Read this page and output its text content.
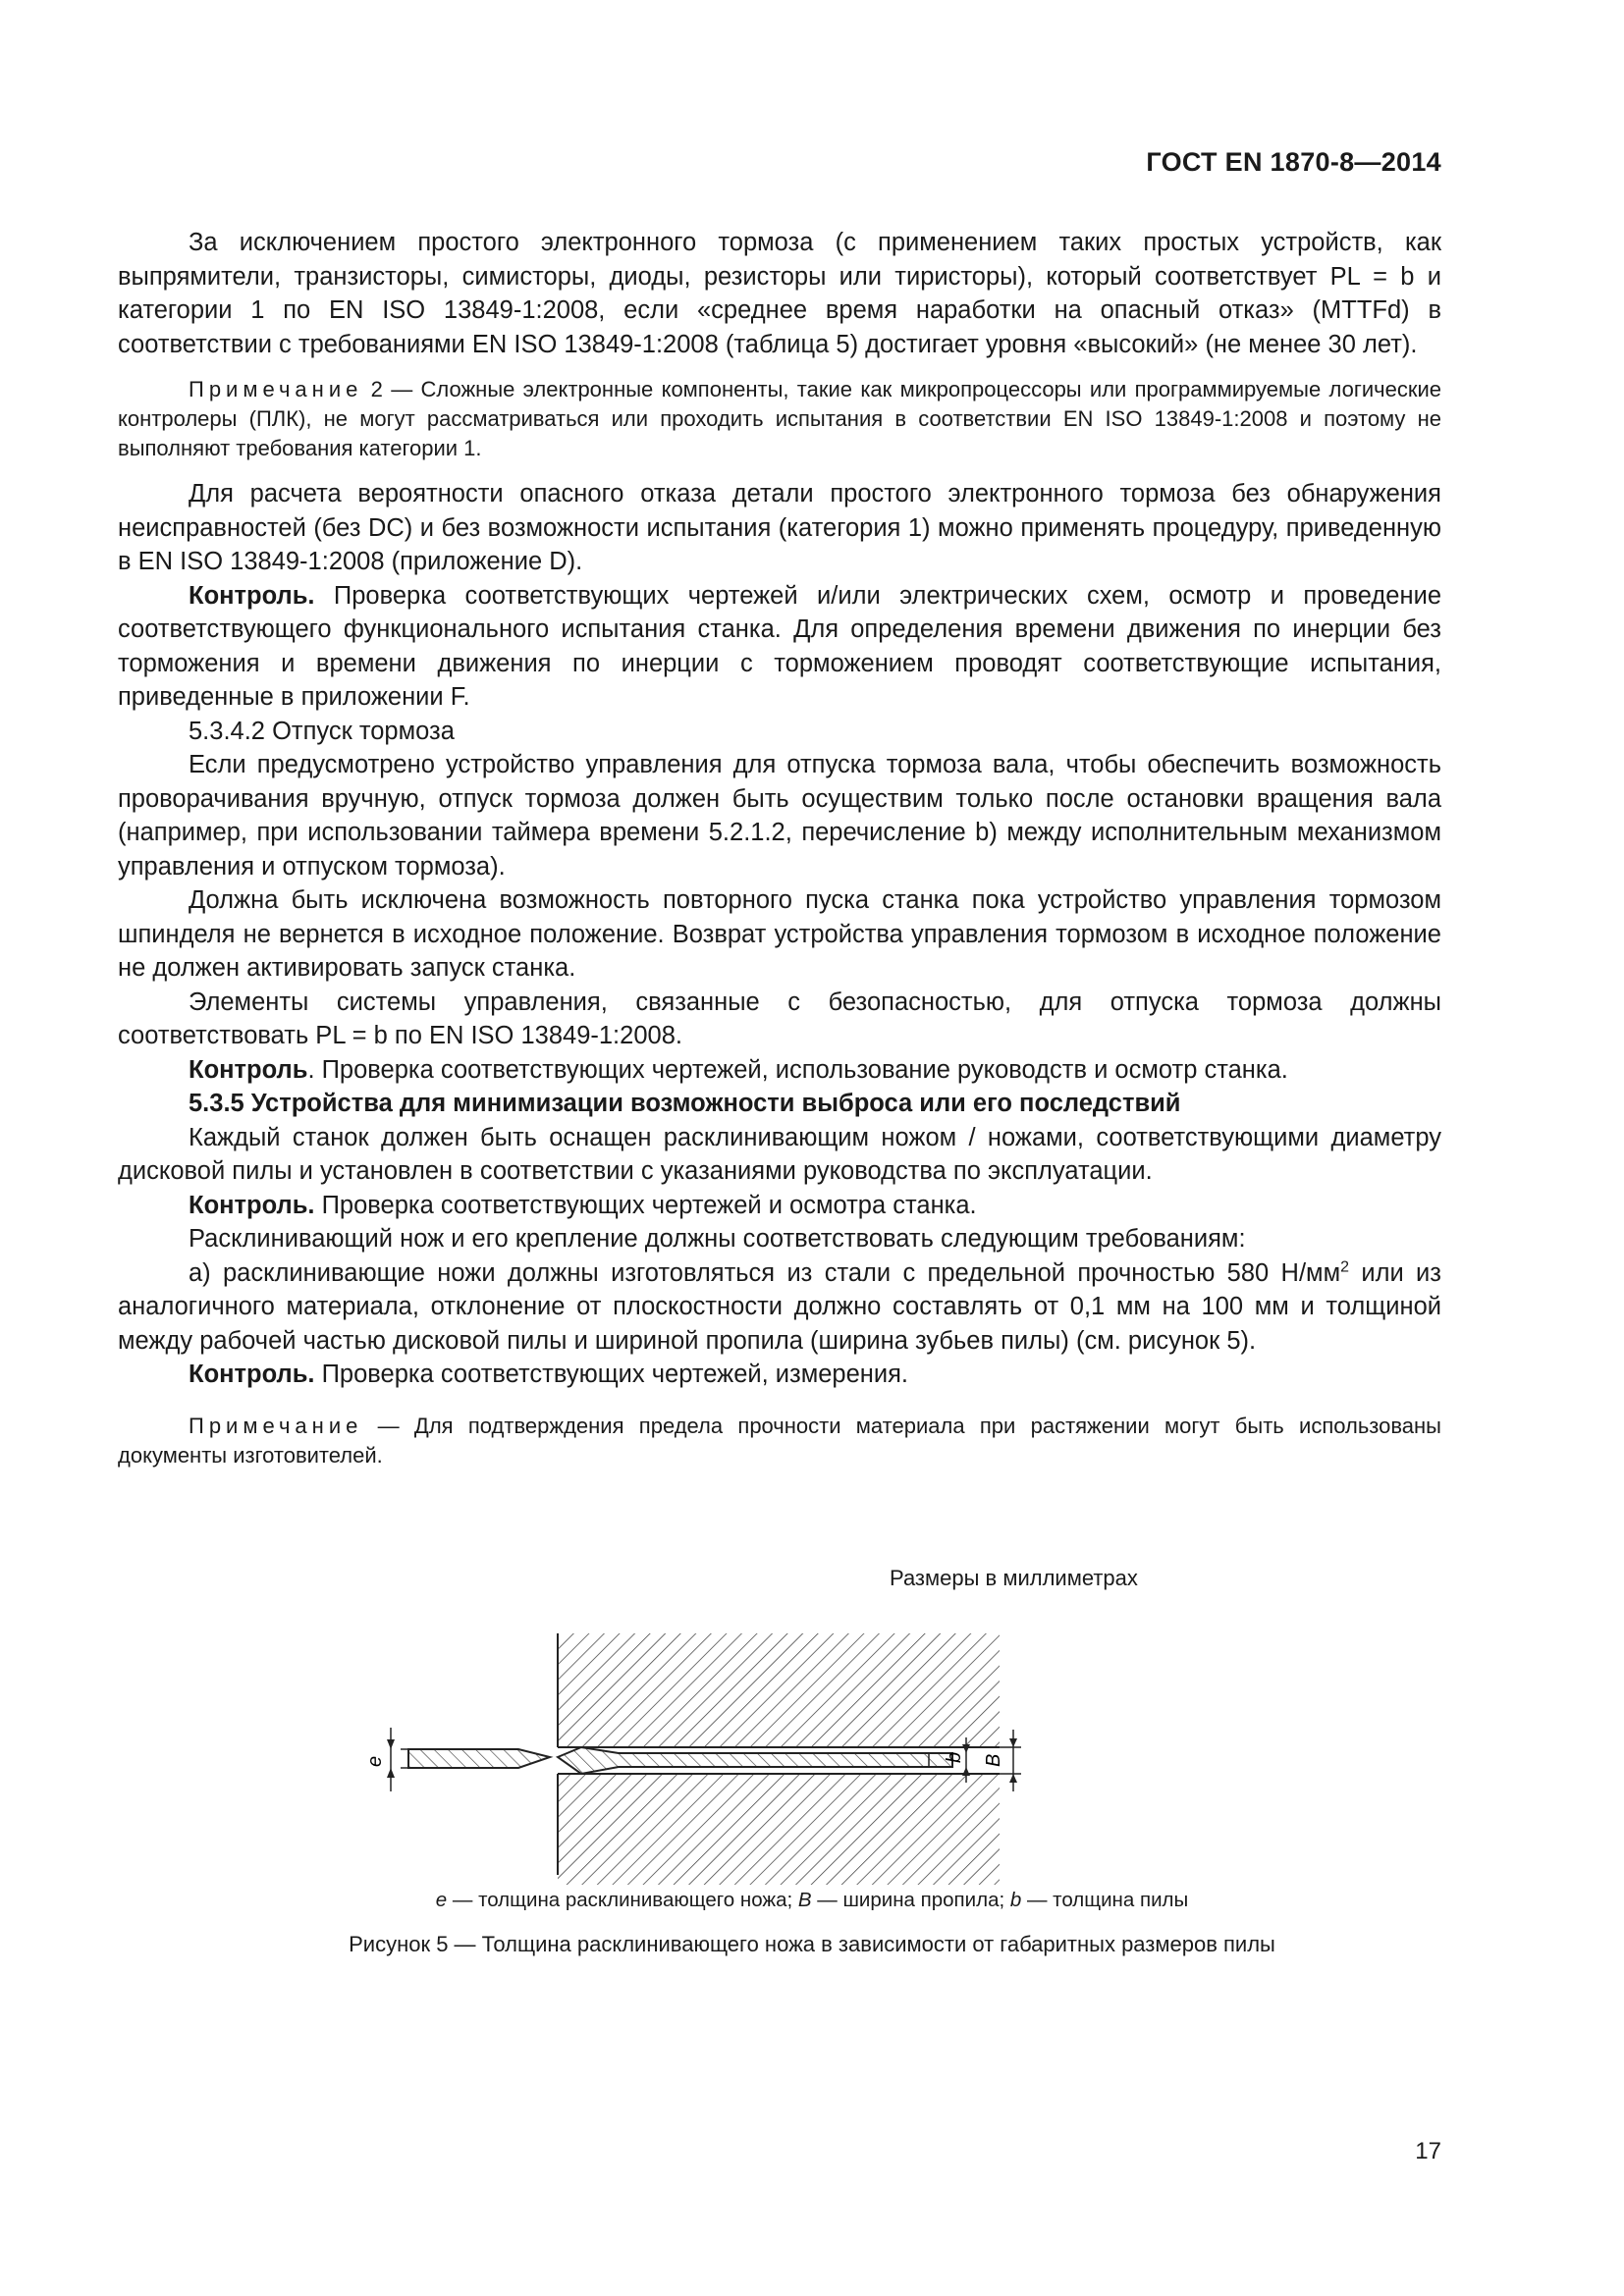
ГОСТ EN 1870-8—2014

За исключением простого электронного тормоза (с применением таких простых устройств, как выпрямители, транзисторы, симисторы, диоды, резисторы или тиристоры), который соответствует PL = b и категории 1 по EN ISO 13849-1:2008, если «среднее время наработки на опасный отказ» (MTTFd) в соответствии с требованиями EN ISO 13849-1:2008 (таблица 5) достигает уровня «высокий» (не менее 30 лет).

Примечание 2 — Сложные электронные компоненты, такие как микропроцессоры или программируемые логические контролеры (ПЛК), не могут рассматриваться или проходить испытания в соответствии EN ISO 13849-1:2008 и поэтому не выполняют требования категории 1.

Для расчета вероятности опасного отказа детали простого электронного тормоза без обнаружения неисправностей (без DC) и без возможности испытания (категория 1) можно применять процедуру, приведенную в EN ISO 13849-1:2008 (приложение D).

Контроль. Проверка соответствующих чертежей и/или электрических схем, осмотр и проведение соответствующего функционального испытания станка. Для определения времени движения по инерции без торможения и времени движения по инерции с торможением проводят соответствующие испытания, приведенные в приложении F.

5.3.4.2 Отпуск тормоза

Если предусмотрено устройство управления для отпуска тормоза вала, чтобы обеспечить возможность проворачивания вручную, отпуск тормоза должен быть осуществим только после остановки вращения вала (например, при использовании таймера времени 5.2.1.2, перечисление b) между исполнительным механизмом управления и отпуском тормоза).

Должна быть исключена возможность повторного пуска станка пока устройство управления тормозом шпинделя не вернется в исходное положение. Возврат устройства управления тормозом в исходное положение не должен активировать запуск станка.

Элементы системы управления, связанные с безопасностью, для отпуска тормоза должны соответствовать PL = b по EN ISO 13849-1:2008.

Контроль. Проверка соответствующих чертежей, использование руководств и осмотр станка.

5.3.5 Устройства для минимизации возможности выброса или его последствий

Каждый станок должен быть оснащен расклинивающим ножом / ножами, соответствующими диаметру дисковой пилы и установлен в соответствии с указаниями руководства по эксплуатации.

Контроль. Проверка соответствующих чертежей и осмотра станка.

Расклинивающий нож и его крепление должны соответствовать следующим требованиям:

а) расклинивающие ножи должны изготовляться из стали с предельной прочностью 580 $Н/мм^2$ или из аналогичного материала, отклонение от плоскостности должно составлять от 0,1 мм на 100 мм и толщиной между рабочей частью дисковой пилы и шириной пропила (ширина зубьев пилы) (см. рисунок 5).

Контроль. Проверка соответствующих чертежей, измерения.

Примечание — Для подтверждения предела прочности материала при растяжении могут быть использованы документы изготовителей.

Размеры в миллиметрах
e	b B
e — толщина расклинивающего ножа; B — ширина пропила; b — толщина пилы
Рисунок 5 — Толщина расклинивающего ножа в зависимости от габаритных размеров пилы
17
